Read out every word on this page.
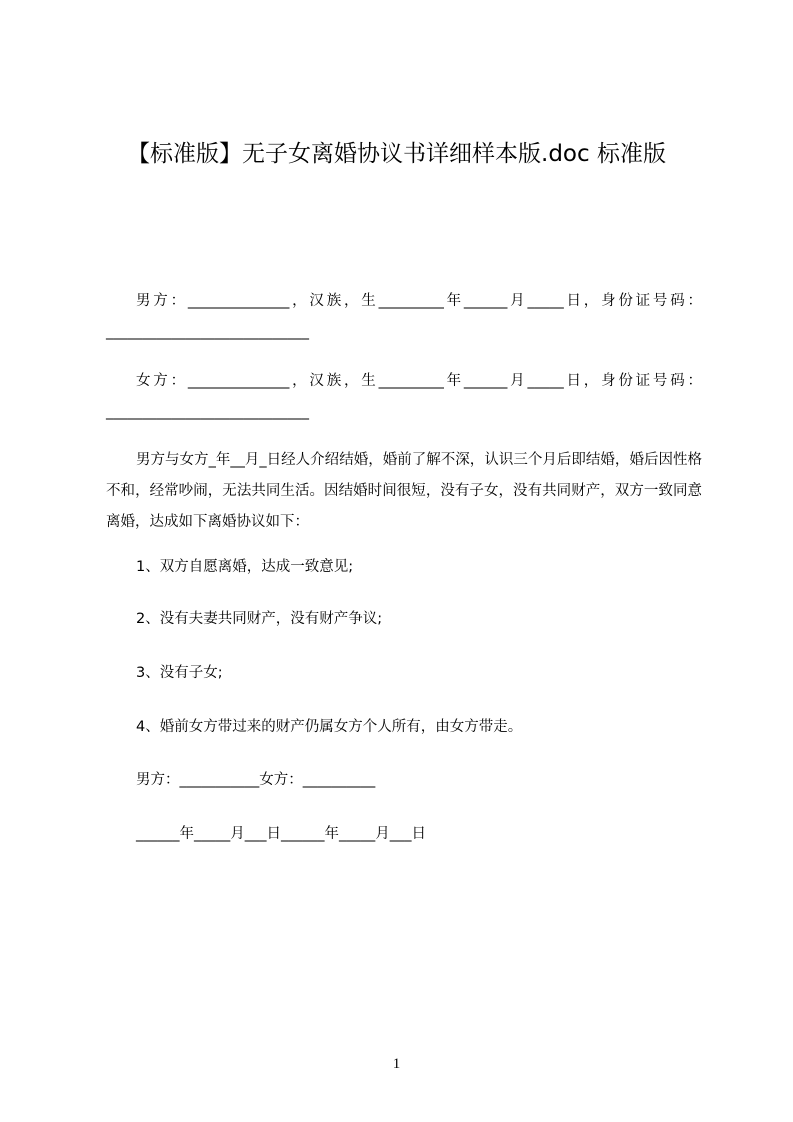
【标准版】无子女离婚协议书详细样本版.doc 标准版

男方：______________，汉族，生_________年______月_____日，身份证号码：____________________________

女方：______________，汉族，生_________年______月_____日，身份证号码：____________________________

男方与女方_年__月_日经人介绍结婚，婚前了解不深，认识三个月后即结婚，婚后因性格不和，经常吵闹，无法共同生活。因结婚时间很短，没有子女，没有共同财产，双方一致同意离婚，达成如下离婚协议如下：

1、双方自愿离婚，达成一致意见;

2、没有夫妻共同财产，没有财产争议;

3、没有子女;

4、婚前女方带过来的财产仍属女方个人所有，由女方带走。

男方：___________女方：__________

______年_____月___日______年_____月___日

1
